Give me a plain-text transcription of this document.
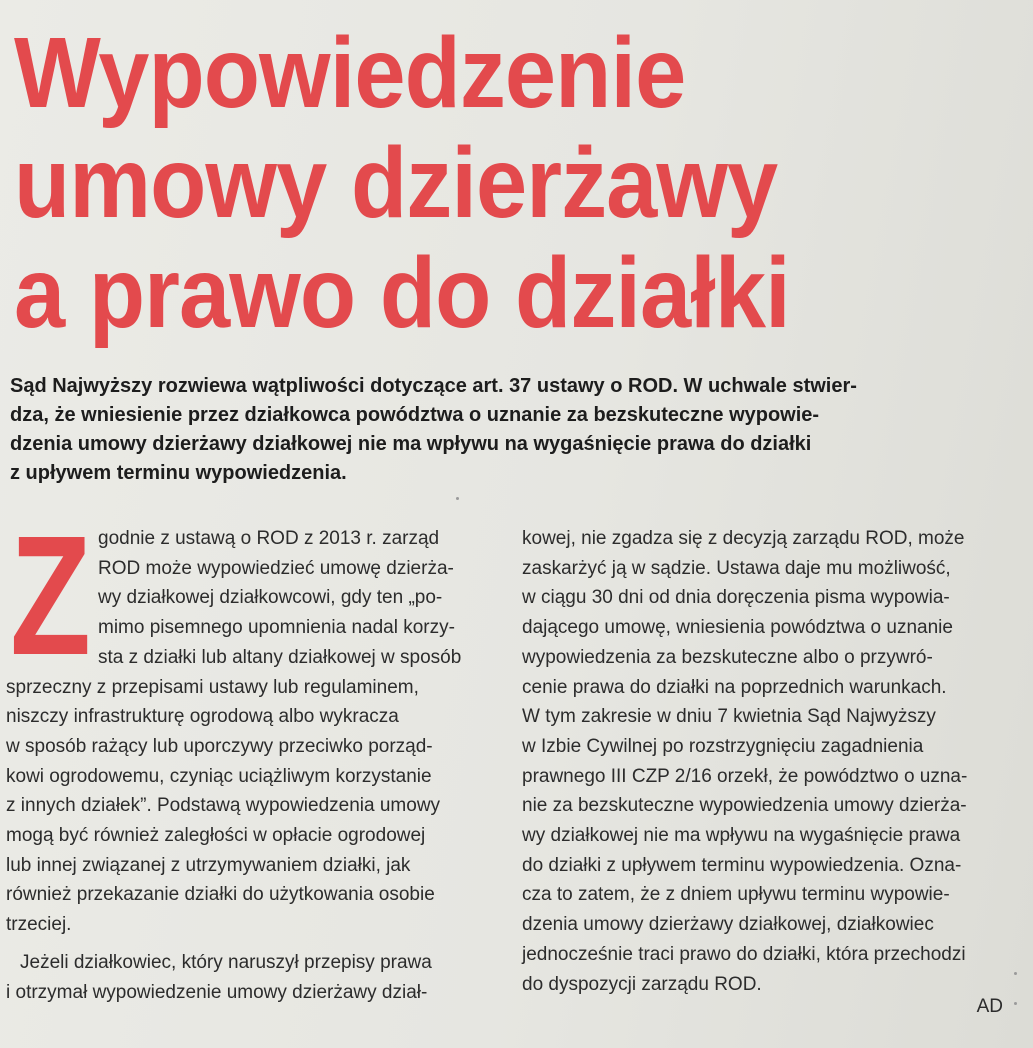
Wypowiedzenie
umowy dzierżawy
a prawo do działki

Sąd Najwyższy rozwiewa wątpliwości dotyczące art. 37 ustawy o ROD. W uchwale stwier-
dza, że wniesienie przez działkowca powództwa o uznanie za bezskuteczne wypowie-
dzenia umowy dzierżawy działkowej nie ma wpływu na wygaśnięcie prawa do działki
z upływem terminu wypowiedzenia.

Z godnie z ustawą o ROD z 2013 r. zarząd
ROD może wypowiedzieć umowę dzierża-
wy działkowej działkowcowi, gdy ten „po-
mimo pisemnego upomnienia nadal korzy-
sta z działki lub altany działkowej w sposób
sprzeczny z przepisami ustawy lub regulaminem,
niszczy infrastrukturę ogrodową albo wykracza
w sposób rażący lub uporczywy przeciwko porząd-
kowi ogrodowemu, czyniąc uciążliwym korzystanie
z innych działek”. Podstawą wypowiedzenia umowy
mogą być również zaległości w opłacie ogrodowej
lub innej związanej z utrzymywaniem działki, jak
również przekazanie działki do użytkowania osobie
trzeciej.
Jeżeli działkowiec, który naruszył przepisy prawa
i otrzymał wypowiedzenie umowy dzierżawy dział-
kowej, nie zgadza się z decyzją zarządu ROD, może
zaskarżyć ją w sądzie. Ustawa daje mu możliwość,
w ciągu 30 dni od dnia doręczenia pisma wypowia-
dającego umowę, wniesienia powództwa o uznanie
wypowiedzenia za bezskuteczne albo o przywró-
cenie prawa do działki na poprzednich warunkach.
W tym zakresie w dniu 7 kwietnia Sąd Najwyższy
w Izbie Cywilnej po rozstrzygnięciu zagadnienia
prawnego III CZP 2/16 orzekł, że powództwo o uzna-
nie za bezskuteczne wypowiedzenia umowy dzierża-
wy działkowej nie ma wpływu na wygaśnięcie prawa
do działki z upływem terminu wypowiedzenia. Ozna-
cza to zatem, że z dniem upływu terminu wypowie-
dzenia umowy dzierżawy działkowej, działkowiec
jednocześnie traci prawo do działki, która przechodzi
do dyspozycji zarządu ROD.
AD
